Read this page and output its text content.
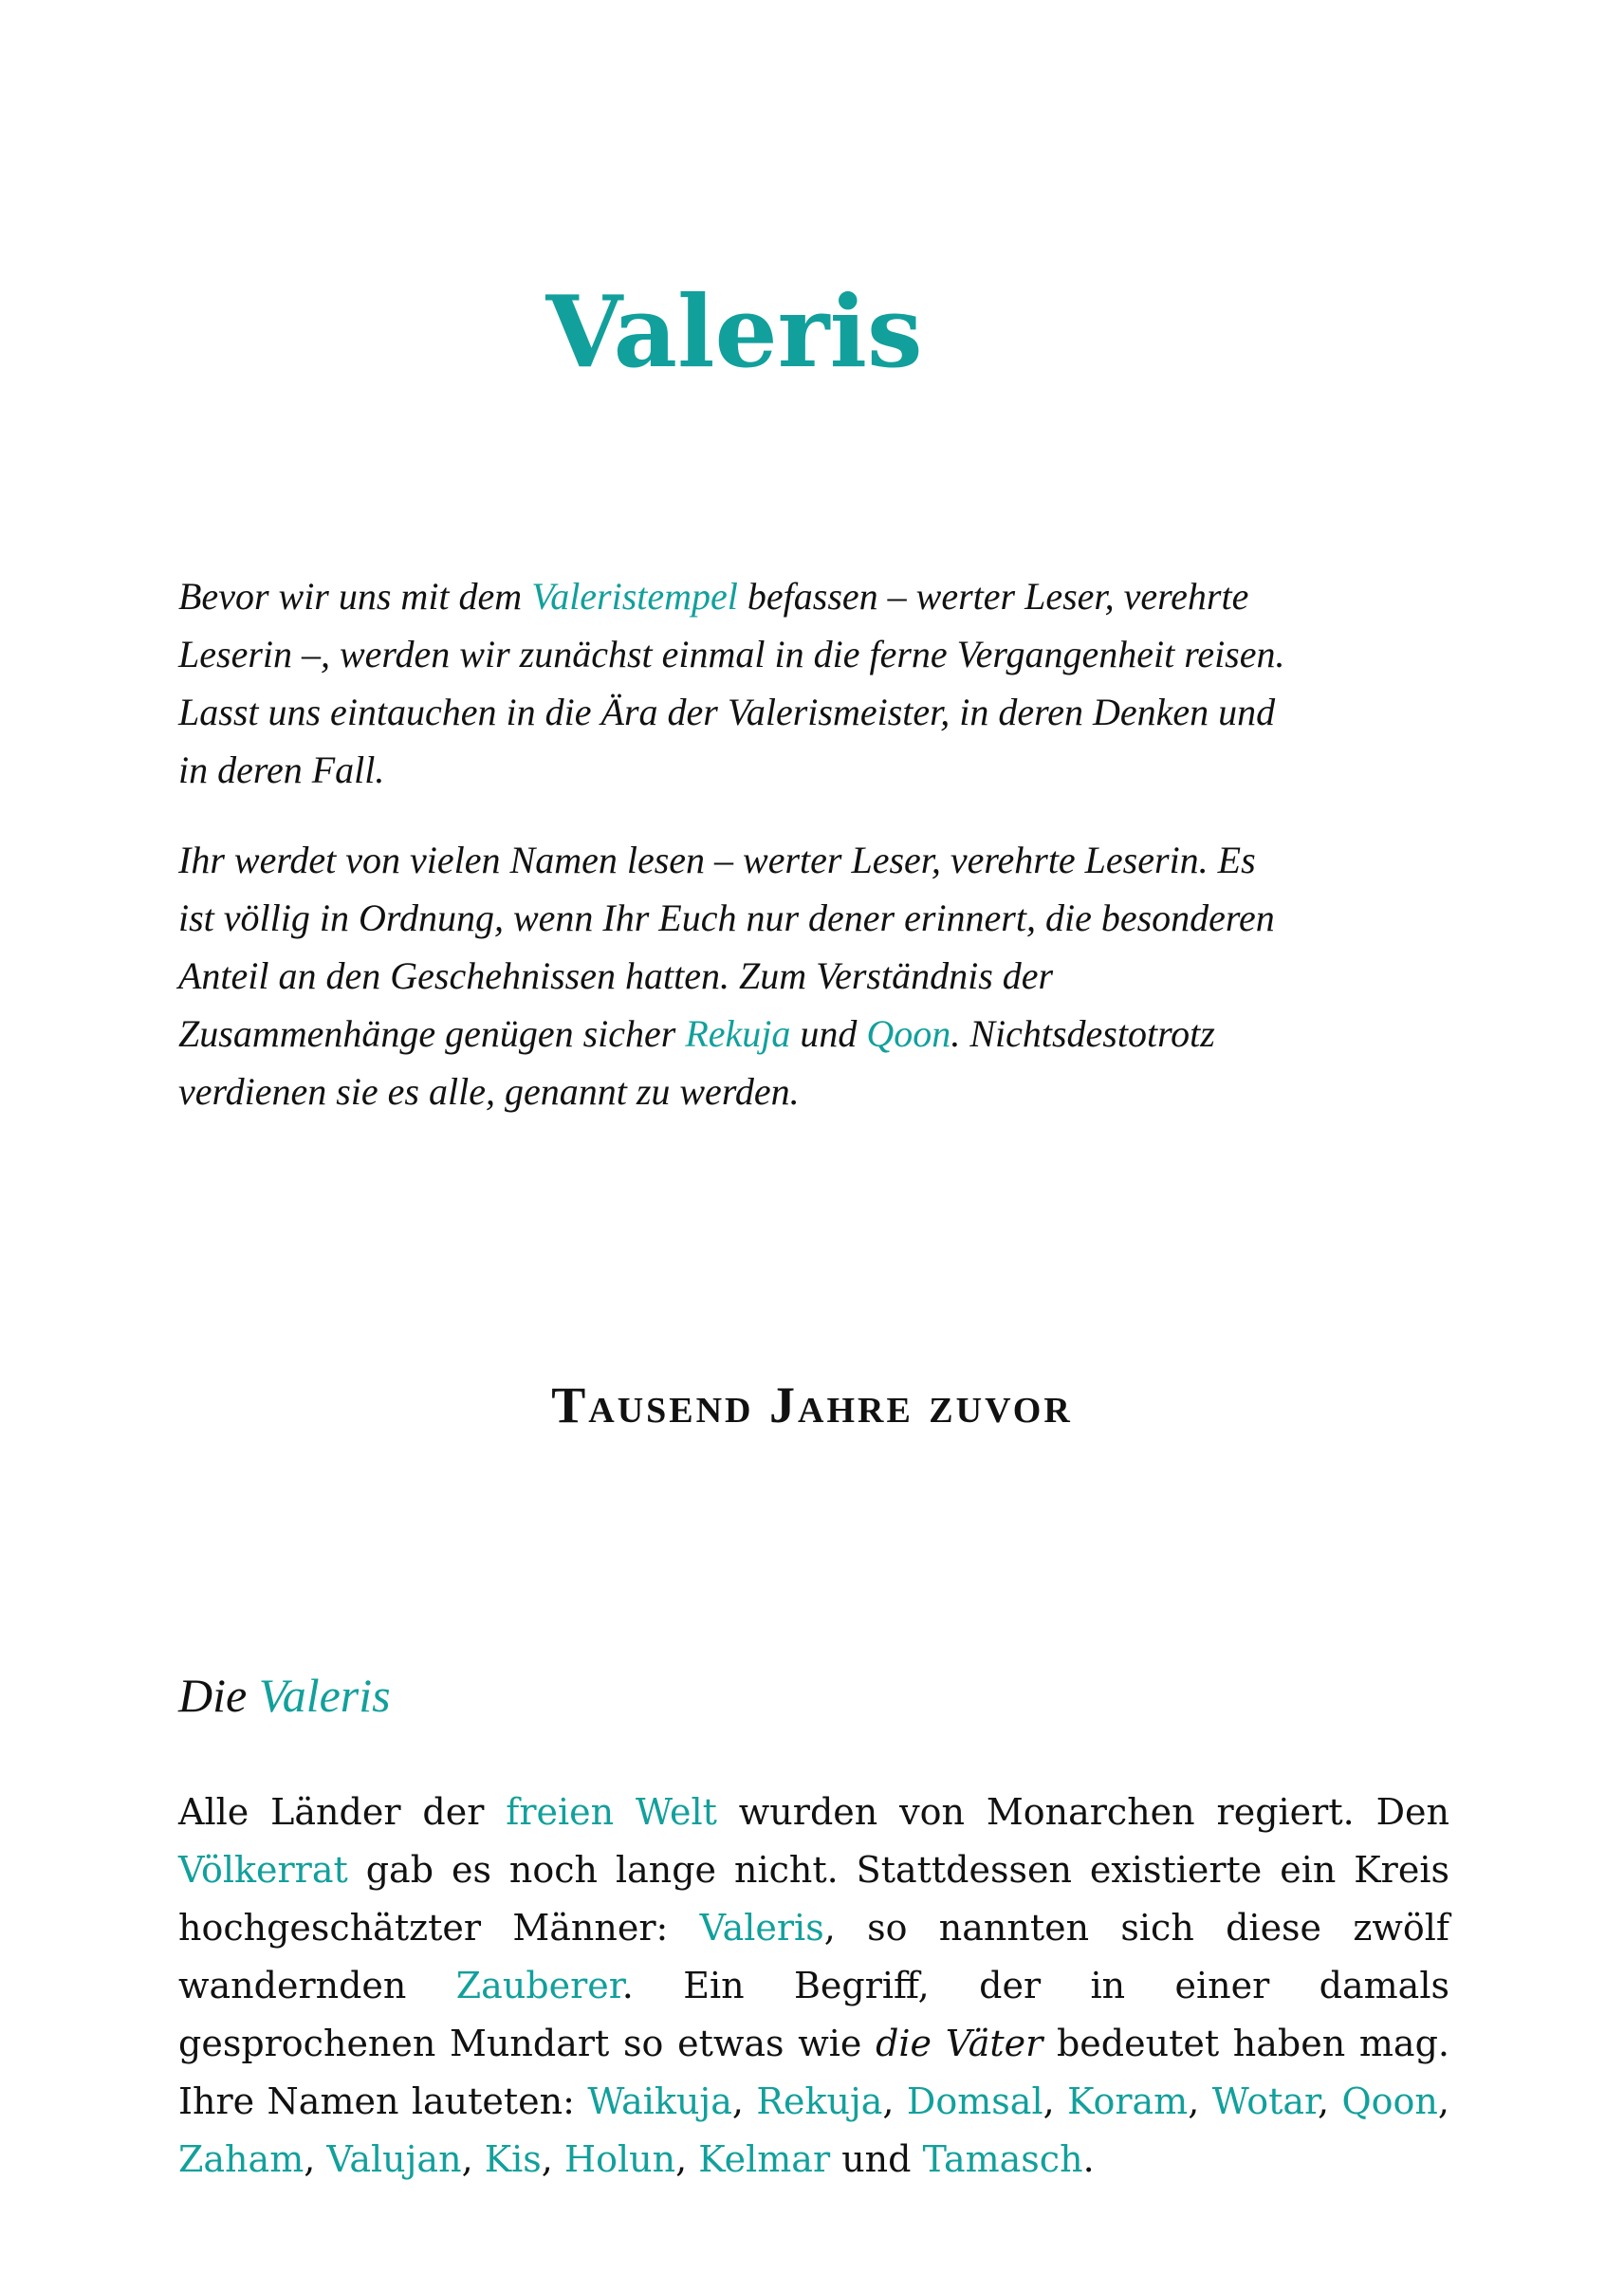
Valeris

Bevor wir uns mit dem Valeristempel befassen – werter Leser, verehrte Leserin –, werden wir zunächst einmal in die ferne Vergangenheit reisen. Lasst uns eintauchen in die Ära der Valerismeister, in deren Denken und in deren Fall.

Ihr werdet von vielen Namen lesen – werter Leser, verehrte Leserin. Es ist völlig in Ordnung, wenn Ihr Euch nur dener erinnert, die besonderen Anteil an den Geschehnissen hatten. Zum Verständnis der Zusammenhänge genügen sicher Rekuja und Qoon. Nichtsdestotrotz verdienen sie es alle, genannt zu werden.

Tausend Jahre zuvor
Die Valeris

Alle Länder der freien Welt wurden von Monarchen regiert. Den Völkerrat gab es noch lange nicht. Stattdessen existierte ein Kreis hochgeschätzter Männer: Valeris, so nannten sich diese zwölf wandernden Zauberer. Ein Begriff, der in einer damals gesprochenen Mundart so etwas wie die Väter bedeutet haben mag. Ihre Namen lauteten: Waikuja, Rekuja, Domsal, Koram, Wotar, Qoon, Zaham, Valujan, Kis, Holun, Kelmar und Tamasch.
